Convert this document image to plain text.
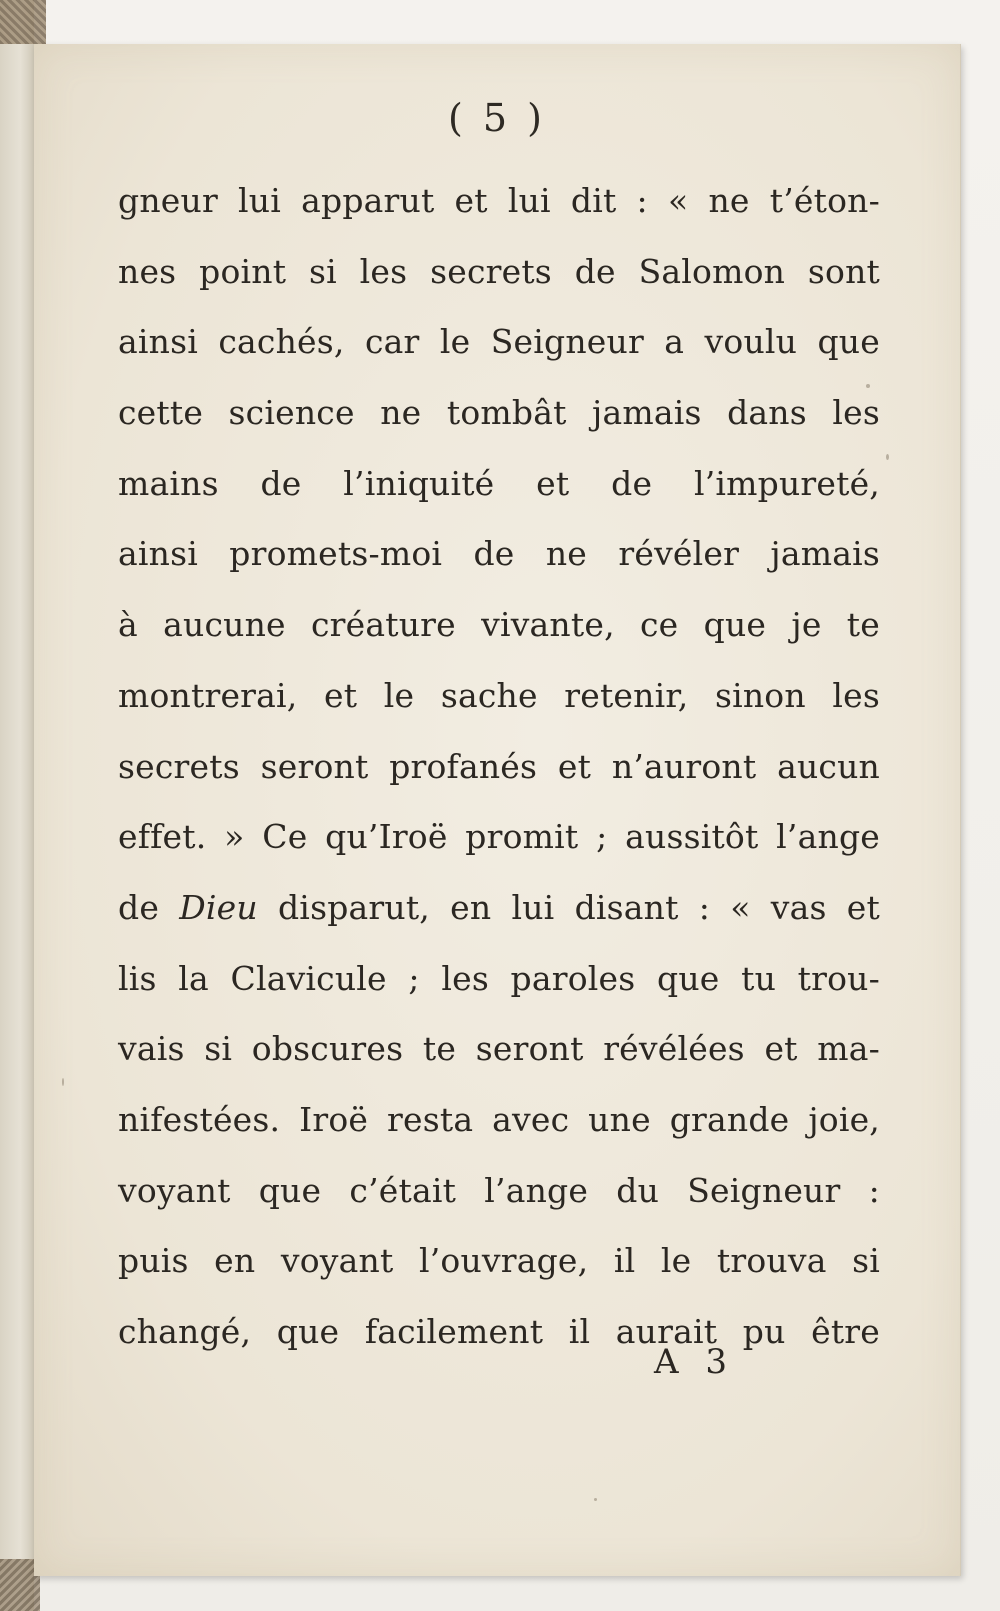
( 5 )
gneur lui apparut et lui dit : « ne t’éton-
nes point si les secrets de Salomon sont
ainsi cachés, car le Seigneur a voulu que
cette science ne tombât jamais dans les
mains de l’iniquité et de l’impureté,
ainsi promets-moi de ne révéler jamais
à aucune créature vivante, ce que je te
montrerai, et le sache retenir, sinon les
secrets seront profanés et n’auront aucun
effet. » Ce qu’Iroë promit ; aussitôt l’ange
de Dieu disparut, en lui disant : « vas et
lis la Clavicule ; les paroles que tu trou-
vais si obscures te seront révélées et ma-
nifestées. Iroë resta avec une grande joie,
voyant que c’était l’ange du Seigneur :
puis en voyant l’ouvrage, il le trouva si
changé, que facilement il aurait pu être
A 3
